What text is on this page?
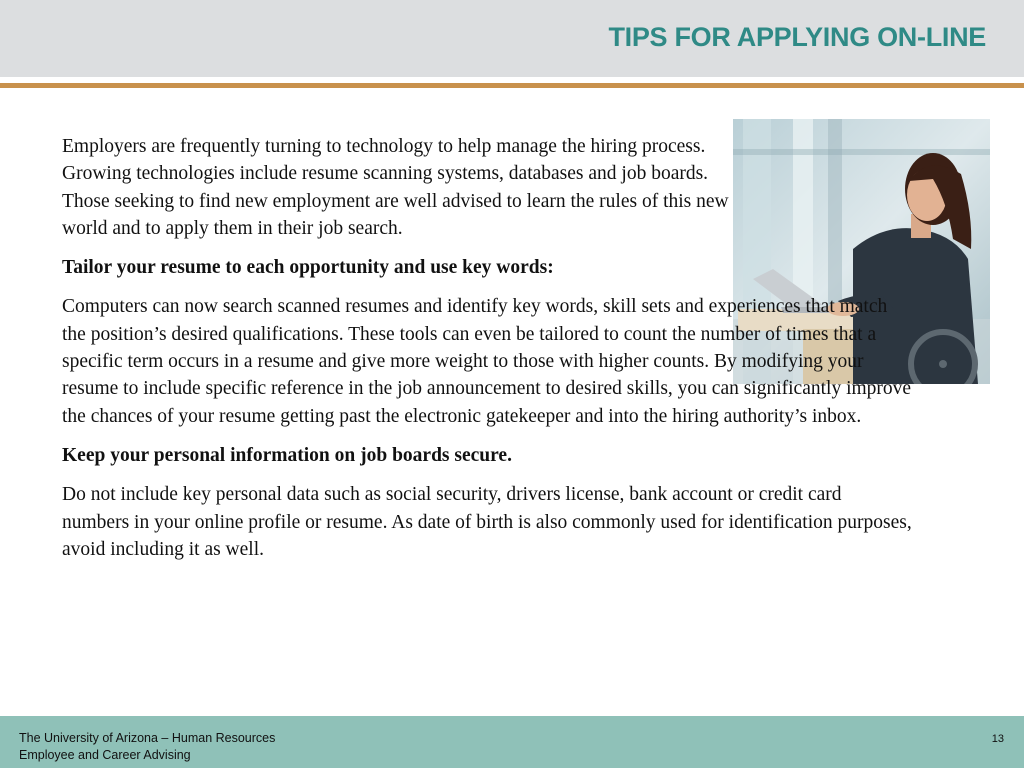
TIPS FOR APPLYING ON-LINE

Employers are frequently turning to technology to help manage the hiring process. Growing technologies include resume scanning systems, databases and job boards. Those seeking to find new employment are well advised to learn the rules of this new world and to apply them in their job search.

Tailor your resume to each opportunity and use key words:

Computers can now search scanned resumes and identify key words, skill sets and experiences that match the position’s desired qualifications. These tools can even be tailored to count the number of times that a specific term occurs in a resume and give more weight to those with higher counts. By modifying your resume to include specific reference in the job announcement to desired skills, you can significantly improve the chances of your resume getting past the electronic gatekeeper and into the hiring authority’s inbox.

Keep your personal information on job boards secure.

Do not include key personal data such as social security, drivers license, bank account or credit card numbers in your online profile or resume. As date of birth is also commonly used for identification purposes, avoid including it as well.

The University of Arizona – Human Resources
Employee and Career Advising
13
